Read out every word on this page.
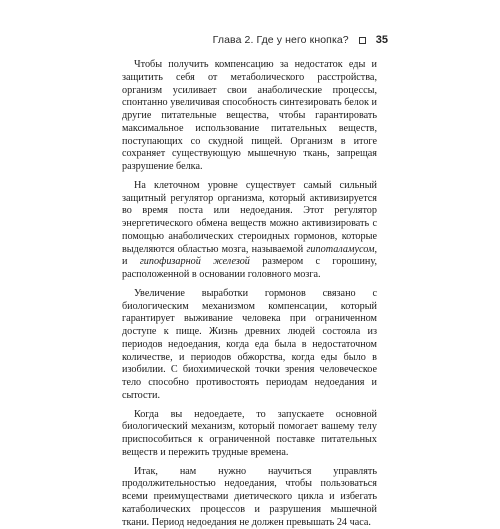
Глава 2. Где у него кнопка? 35

Чтобы получить компенсацию за недостаток еды и защитить себя от метаболического расстройства, организм усиливает свои анаболические процессы, спонтанно увеличивая способность синтезировать белок и другие питательные вещества, чтобы гарантировать максимальное использование питательных веществ, поступающих со скудной пищей. Организм в итоге сохраняет существующую мышечную ткань, запрещая разрушение белка.

На клеточном уровне существует самый сильный защитный регулятор организма, который активизируется во время поста или недоедания. Этот регулятор энергетического обмена веществ можно активизировать с помощью анаболических стероидных гормонов, которые выделяются областью мозга, называемой гипоталамусом, и гипофизарной железой размером с горошину, расположенной в основании головного мозга.

Увеличение выработки гормонов связано с биологическим механизмом компенсации, который гарантирует выживание человека при ограниченном доступе к пище. Жизнь древних людей состояла из периодов недоедания, когда еда была в недостаточном количестве, и периодов обжорства, когда еды было в изобилии. С биохимической точки зрения человеческое тело способно противостоять периодам недоедания и сытости.

Когда вы недоедаете, то запускаете основной биологический механизм, который помогает вашему телу приспособиться к ограниченной поставке питательных веществ и пережить трудные времена.

Итак, нам нужно научиться управлять продолжительностью недоедания, чтобы пользоваться всеми преимуществами диетического цикла и избегать катаболических процессов и разрушения мышечной ткани. Период недоедания не должен превышать 24 часа.
